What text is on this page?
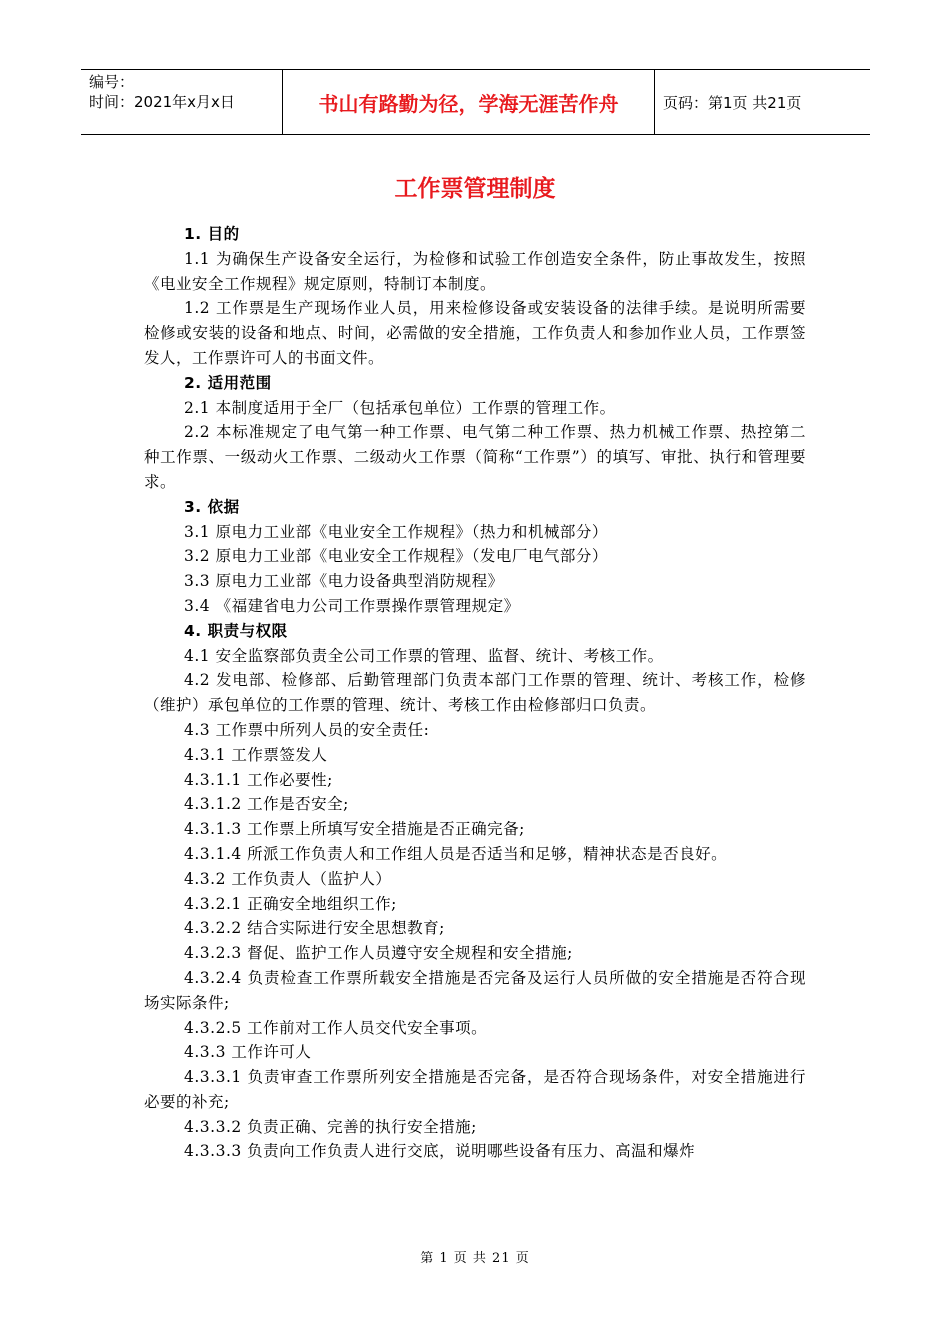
编号：
时间：2021年x月x日	书山有路勤为径，学海无涯苦作舟	页码：第1页 共21页
工作票管理制度

1. 目的

1.1 为确保生产设备安全运行，为检修和试验工作创造安全条件，防止事故发生，按照《电业安全工作规程》规定原则，特制订本制度。

1.2 工作票是生产现场作业人员，用来检修设备或安装设备的法律手续。是说明所需要检修或安装的设备和地点、时间，必需做的安全措施，工作负责人和参加作业人员，工作票签发人，工作票许可人的书面文件。

2. 适用范围

2.1 本制度适用于全厂（包括承包单位）工作票的管理工作。

2.2 本标准规定了电气第一种工作票、电气第二种工作票、热力机械工作票、热控第二种工作票、一级动火工作票、二级动火工作票（简称“工作票”）的填写、审批、执行和管理要求。

3. 依据

3.1 原电力工业部《电业安全工作规程》（热力和机械部分）

3.2 原电力工业部《电业安全工作规程》（发电厂电气部分）

3.3 原电力工业部《电力设备典型消防规程》

3.4 《福建省电力公司工作票操作票管理规定》

4. 职责与权限

4.1 安全监察部负责全公司工作票的管理、监督、统计、考核工作。

4.2 发电部、检修部、后勤管理部门负责本部门工作票的管理、统计、考核工作，检修（维护）承包单位的工作票的管理、统计、考核工作由检修部归口负责。

4.3 工作票中所列人员的安全责任:

4.3.1 工作票签发人

4.3.1.1 工作必要性;

4.3.1.2 工作是否安全;

4.3.1.3 工作票上所填写安全措施是否正确完备;

4.3.1.4 所派工作负责人和工作组人员是否适当和足够，精神状态是否良好。

4.3.2 工作负责人（监护人）

4.3.2.1 正确安全地组织工作;

4.3.2.2 结合实际进行安全思想教育;

4.3.2.3 督促、监护工作人员遵守安全规程和安全措施;

4.3.2.4 负责检查工作票所载安全措施是否完备及运行人员所做的安全措施是否符合现场实际条件;

4.3.2.5 工作前对工作人员交代安全事项。

4.3.3 工作许可人

4.3.3.1 负责审查工作票所列安全措施是否完备，是否符合现场条件，对安全措施进行必要的补充;

4.3.3.2 负责正确、完善的执行安全措施;

4.3.3.3 负责向工作负责人进行交底，说明哪些设备有压力、高温和爆炸

第 1 页 共 21 页
